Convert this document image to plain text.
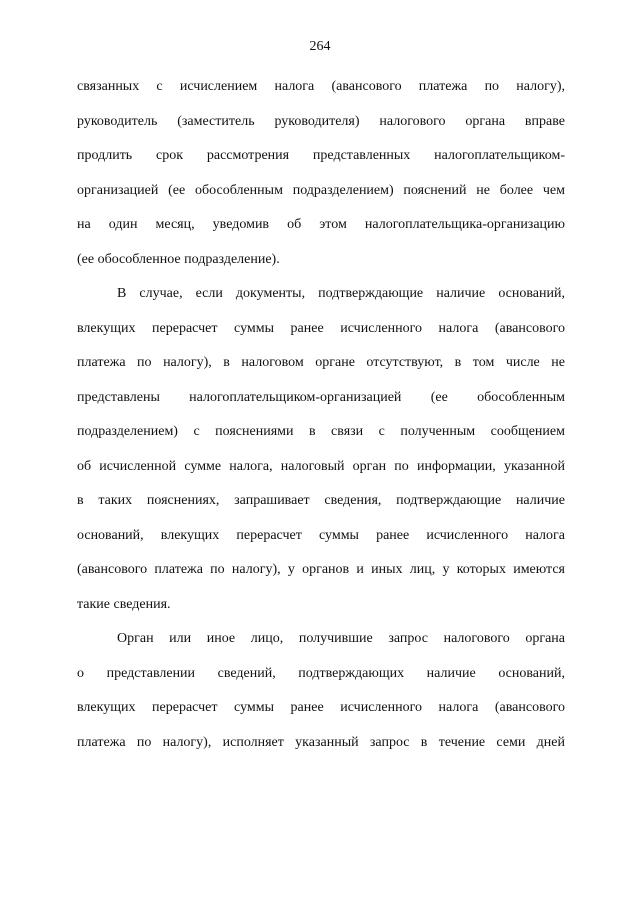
264
связанных с исчислением налога (авансового платежа по налогу),
руководитель (заместитель руководителя) налогового органа вправе
продлить срок рассмотрения представленных налогоплательщиком-
организацией (ее обособленным подразделением) пояснений не более чем
на один месяц, уведомив об этом налогоплательщика-организацию
(ее обособленное подразделение).
В случае, если документы, подтверждающие наличие оснований,
влекущих перерасчет суммы ранее исчисленного налога (авансового
платежа по налогу), в налоговом органе отсутствуют, в том числе не
представлены налогоплательщиком-организацией (ее обособленным
подразделением) с пояснениями в связи с полученным сообщением
об исчисленной сумме налога, налоговый орган по информации, указанной
в таких пояснениях, запрашивает сведения, подтверждающие наличие
оснований, влекущих перерасчет суммы ранее исчисленного налога
(авансового платежа по налогу), у органов и иных лиц, у которых имеются
такие сведения.
Орган или иное лицо, получившие запрос налогового органа
о представлении сведений, подтверждающих наличие оснований,
влекущих перерасчет суммы ранее исчисленного налога (авансового
платежа по налогу), исполняет указанный запрос в течение семи дней
